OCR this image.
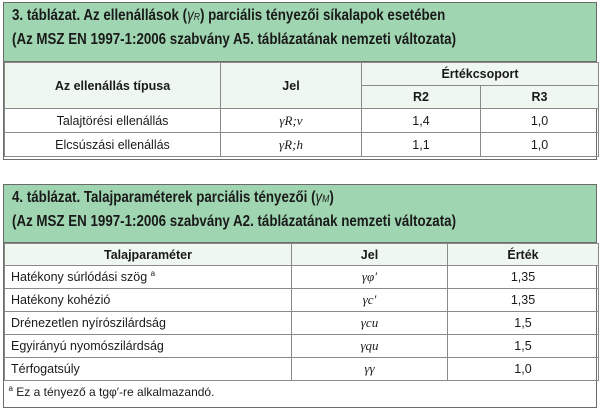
3. táblázat. Az ellenállások (γR) parciális tényezői síkalapok esetében
(Az MSZ EN 1997-1:2006 szabvány A5. táblázatának nemzeti változata)
Az ellenállás típusa	Jel	Értékcsoport	
		R2	R3
Talajtörési ellenállás	γR;v	1,4	1,0
Elcsúszási ellenállás	γR;h	1,1	1,0
4. táblázat. Talajparaméterek parciális tényezői (γM)
(Az MSZ EN 1997-1:2006 szabvány A2. táblázatának nemzeti változata)
Talajparaméter	Jel	Érték
Hatékony súrlódási szög $^a$	γφ′	1,35
Hatékony kohézió	γc′	1,35
Drénezetlen nyírószilárdság	γcu	1,5
Egyirányú nyomószilárdság	γqu	1,5
Térfogatsúly	γγ	1,0
$^a$ Ez a tényező a tgφ′-re alkalmazandó.		
